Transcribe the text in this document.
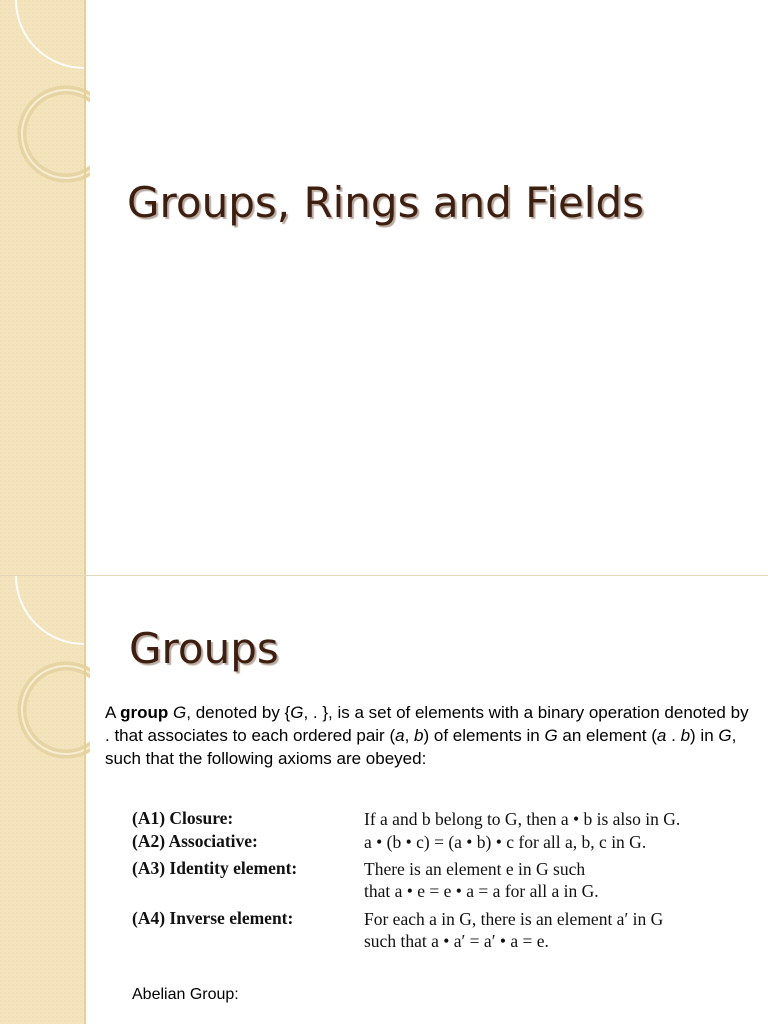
Groups, Rings and Fields
Groups

A group G, denoted by {G, . }, is a set of elements with a binary operation denoted by . that associates to each ordered pair (a, b) of elements in G an element (a . b) in G, such that the following axioms are obeyed:

(A1) Closure:	If a and b belong to G, then a • b is also in G.
(A2) Associative:	a • (b • c) = (a • b) • c for all a, b, c in G.
(A3) Identity element:	There is an element e in G such
that a • e = e • a = a for all a in G.
(A4) Inverse element:	For each a in G, there is an element a′ in G
such that a • a′ = a′ • a = e.

Abelian Group:
